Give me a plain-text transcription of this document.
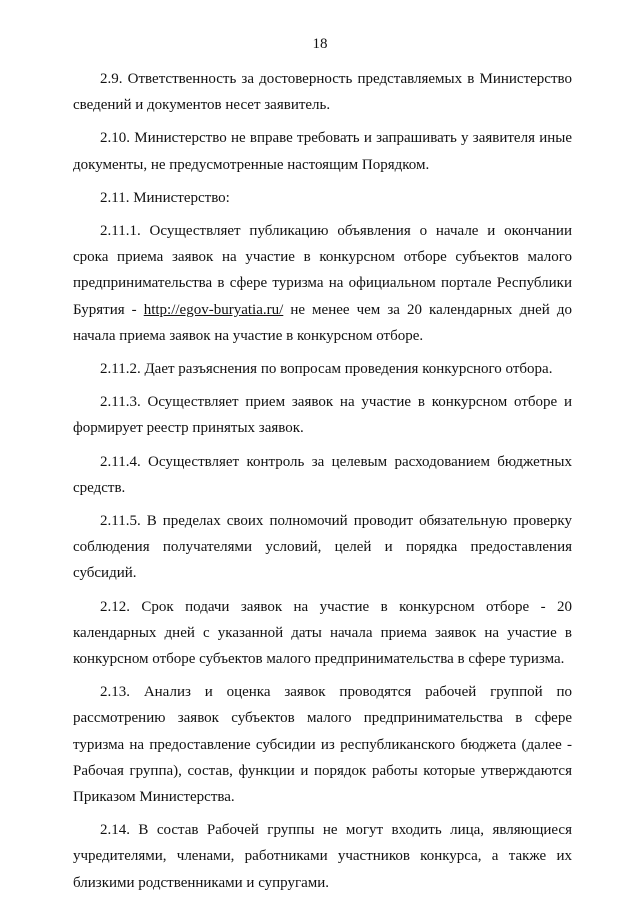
18

2.9. Ответственность за достоверность представляемых в Министерство сведений и документов несет заявитель.

2.10. Министерство не вправе требовать и запрашивать у заявителя иные документы, не предусмотренные настоящим Порядком.

2.11. Министерство:

2.11.1. Осуществляет публикацию объявления о начале и окончании срока приема заявок на участие в конкурсном отборе субъектов малого предпринимательства в сфере туризма на официальном портале Республики Бурятия - http://egov-buryatia.ru/ не менее чем за 20 календарных дней до начала приема заявок на участие в конкурсном отборе.

2.11.2. Дает разъяснения по вопросам проведения конкурсного отбора.

2.11.3. Осуществляет прием заявок на участие в конкурсном отборе и формирует реестр принятых заявок.

2.11.4. Осуществляет контроль за целевым расходованием бюджетных средств.

2.11.5. В пределах своих полномочий проводит обязательную проверку соблюдения получателями условий, целей и порядка предоставления субсидий.

2.12. Срок подачи заявок на участие в конкурсном отборе - 20 календарных дней с указанной даты начала приема заявок на участие в конкурсном отборе субъектов малого предпринимательства в сфере туризма.

2.13. Анализ и оценка заявок проводятся рабочей группой по рассмотрению заявок субъектов малого предпринимательства в сфере туризма на предоставление субсидии из республиканского бюджета (далее - Рабочая группа), состав, функции и порядок работы которые утверждаются Приказом Министерства.

2.14. В состав Рабочей группы не могут входить лица, являющиеся учредителями, членами, работниками участников конкурса, а также их близкими родственниками и супругами.
